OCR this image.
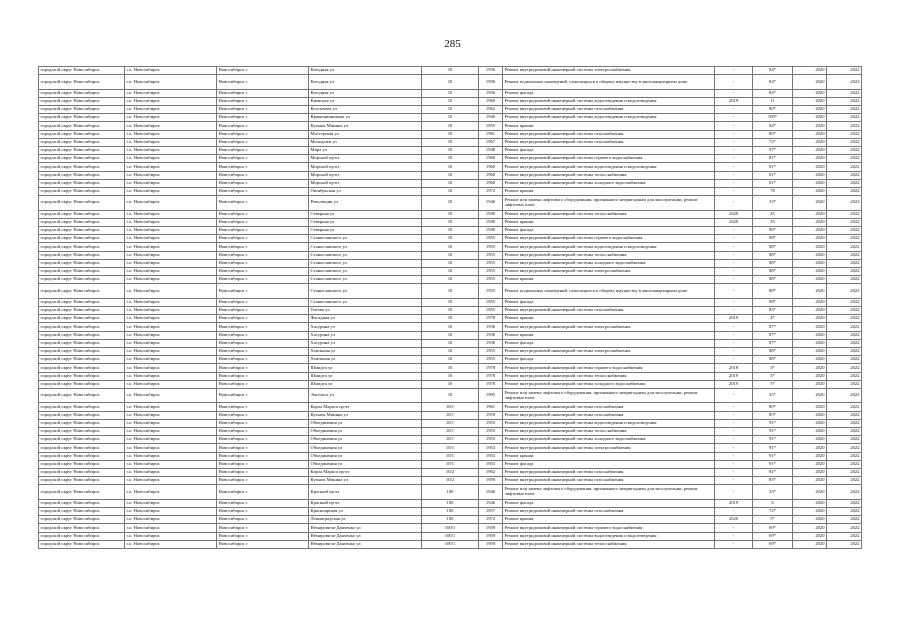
285
городской округ Новосибирск	г.о. Новосибирск	Новосибирск г	Катодная ул	10	1956	Ремонт внутридомовой инженерной системы электроснабжения	-	84*	2020	2022
городской округ Новосибирск	г.о. Новосибирск	Новосибирск г	Катодная ул	10	1956	Ремонт подвальных помещений, относящихся к общему имуществу в многоквартирном доме	-	84*	2020	2022
городской округ Новосибирск	г.о. Новосибирск	Новосибирск г	Катодная ул	10	1956	Ремонт фасада	-	84*	2020	2022
городской округ Новосибирск	г.о. Новосибирск	Новосибирск г	Киевская ул	10	1960	Ремонт внутридомовой инженерной системы водоотведения и водоотведения	2019	11	2020	2022
городской округ Новосибирск	г.о. Новосибирск	Новосибирск г	Костычева ул	10	1962	Ремонт внутридомовой инженерной системы газоснабжения	-	80*	2020	2022
городской округ Новосибирск	г.о. Новосибирск	Новосибирск г	Крашенинникова ул	10	1940	Ремонт внутридомовой инженерной системы водоотведения и водоотведения	-	100*	2020	2022
городской округ Новосибирск	г.о. Новосибирск	Новосибирск г	Кузьмы Минина ул	10	1955	Ремонт крыши	-	84*	2020	2022
городской округ Новосибирск	г.о. Новосибирск	Новосибирск г	Мастерская ул	10	1961	Ремонт внутридомовой инженерной системы газоснабжения	-	80*	2020	2022
городской округ Новосибирск	г.о. Новосибирск	Новосибирск г	Молодежи ул	10	1967	Ремонт внутридомовой инженерной системы газоснабжения	-	72*	2020	2022
городской округ Новосибирск	г.о. Новосибирск	Новосибирск г	Мира ул	10	1948	Ремонт фасада	-	97*	2020	2022
городской округ Новосибирск	г.о. Новосибирск	Новосибирск г	Морской пр-кт	10	1960	Ремонт внутридомовой инженерной системы горячего водоснабжения	-	81*	2020	2022
городской округ Новосибирск	г.о. Новосибирск	Новосибирск г	Морской пр-кт	10	1960	Ремонт внутридомовой инженерной системы водоотведения и водоотведения	-	81*	2020	2022
городской округ Новосибирск	г.о. Новосибирск	Новосибирск г	Морской пр-кт	10	1960	Ремонт внутридомовой инженерной системы теплоснабжения	-	81*	2020	2022
городской округ Новосибирск	г.о. Новосибирск	Новосибирск г	Морской пр-кт	10	1960	Ремонт внутридомовой инженерной системы холодного водоснабжения	-	81*	2020	2022
городской округ Новосибирск	г.о. Новосибирск	Новосибирск г	Октябрьская ул	10	1972	Ремонт крыши	-	78	2020	2022
городской округ Новосибирск	г.о. Новосибирск	Новосибирск г	Революции ул	10	1946	Ремонт или замена лифтового оборудования, признанного непригодным для эксплуатации, ремонт лифтовых шахт	-	33*	2020	2022
городской округ Новосибирск	г.о. Новосибирск	Новосибирск г	Северная ул	10	1949	Ремонт внутридомовой инженерной системы теплоснабжения	2020	45	2020	2022
городской округ Новосибирск	г.о. Новосибирск	Новосибирск г	Северная ул	10	1949	Ремонт крыши	2020	35	2020	2022
городской округ Новосибирск	г.о. Новосибирск	Новосибирск г	Северная ул	10	1949	Ремонт фасада	-	96*	2020	2022
городской округ Новосибирск	г.о. Новосибирск	Новосибирск г	Станиславского ул	10	1955	Ремонт внутридомовой инженерной системы горячего водоснабжения	-	88*	2020	2022
городской округ Новосибирск	г.о. Новосибирск	Новосибирск г	Станиславского ул	10	1955	Ремонт внутридомовой инженерной системы водоотведения и водоотведения	-	88*	2020	2022
городской округ Новосибирск	г.о. Новосибирск	Новосибирск г	Станиславского ул	10	1955	Ремонт внутридомовой инженерной системы теплоснабжения	-	88*	2020	2022
городской округ Новосибирск	г.о. Новосибирск	Новосибирск г	Станиславского ул	10	1955	Ремонт внутридомовой инженерной системы холодного водоснабжения	-	88*	2020	2022
городской округ Новосибирск	г.о. Новосибирск	Новосибирск г	Станиславского ул	10	1955	Ремонт внутридомовой инженерной системы электроснабжения	-	88*	2020	2022
городской округ Новосибирск	г.о. Новосибирск	Новосибирск г	Станиславского ул	10	1955	Ремонт крыши	-	88*	2020	2022
городской округ Новосибирск	г.о. Новосибирск	Новосибирск г	Станиславского ул	10	1955	Ремонт подвальных помещений, относящихся к общему имуществу в многоквартирном доме	-	88*	2020	2022
городской округ Новосибирск	г.о. Новосибирск	Новосибирск г	Станиславского ул	10	1955	Ремонт фасада	-	88*	2020	2022
городской округ Новосибирск	г.о. Новосибирск	Новосибирск г	Титова ул	10	1955	Ремонт внутридомовой инженерной системы газоснабжения	-	83*	2020	2022
городской округ Новосибирск	г.о. Новосибирск	Новосибирск г	Фасадная ул	10	1978	Ремонт крыши	2019	4*	2020	2022
городской округ Новосибирск	г.о. Новосибирск	Новосибирск г	Хасурина ул	10	1936	Ремонт внутридомовой инженерной системы электроснабжения	-	87*	2020	2022
городской округ Новосибирск	г.о. Новосибирск	Новосибирск г	Хасурина ул	10	1936	Ремонт крыши	-	87*	2020	2022
городской округ Новосибирск	г.о. Новосибирск	Новосибирск г	Хасурина ул	10	1936	Ремонт фасада	-	87*	2020	2022
городской округ Новосибирск	г.о. Новосибирск	Новосибирск г	Хмельная ул	10	1955	Ремонт внутридомовой инженерной системы электроснабжения	-	88*	2020	2022
городской округ Новосибирск	г.о. Новосибирск	Новосибирск г	Хмельная ул	10	1955	Ремонт фасада	-	88*	2020	2022
городской округ Новосибирск	г.о. Новосибирск	Новосибирск г	Шмидта ул	10	1978	Ремонт внутридомовой инженерной системы горячего водоснабжения	2018	3*	2020	2022
городской округ Новосибирск	г.о. Новосибирск	Новосибирск г	Шмидта ул	10	1978	Ремонт внутридомовой инженерной системы теплоснабжения	2019	3*	2020	2022
городской округ Новосибирск	г.о. Новосибирск	Новосибирск г	Шмидта ул	10	1978	Ремонт внутридомовой инженерной системы холодного водоснабжения	2019	3*	2020	2022
городской округ Новосибирск	г.о. Новосибирск	Новосибирск г	Энгельса ул	10	1995	Ремонт или замена лифтового оборудования, признанного непригодным для эксплуатации, ремонт лифтовых шахт	-	35*	2020	2022
городской округ Новосибирск	г.о. Новосибирск	Новосибирск г	Карла Маркса пр-кт	10/1	1961	Ремонт внутридомовой инженерной системы газоснабжения	-	80*	2020	2022
городской округ Новосибирск	г.о. Новосибирск	Новосибирск г	Кузьмы Минина ул	10/1	1959	Ремонт внутридомовой инженерной системы газоснабжения	-	85*	2020	2022
городской округ Новосибирск	г.о. Новосибирск	Новосибирск г	Объединения ул	10/1	1953	Ремонт внутридомовой инженерной системы водоотведения и водоотведения	-	91*	2020	2022
городской округ Новосибирск	г.о. Новосибирск	Новосибирск г	Объединения ул	10/1	1953	Ремонт внутридомовой инженерной системы теплоснабжения	-	91*	2020	2022
городской округ Новосибирск	г.о. Новосибирск	Новосибирск г	Объединения ул	10/1	1953	Ремонт внутридомовой инженерной системы холодного водоснабжения	-	91*	2020	2022
городской округ Новосибирск	г.о. Новосибирск	Новосибирск г	Объединения ул	10/1	1953	Ремонт внутридомовой инженерной системы электроснабжения	-	91*	2020	2022
городской округ Новосибирск	г.о. Новосибирск	Новосибирск г	Объединения ул	10/1	1953	Ремонт крыши	-	91*	2020	2022
городской округ Новосибирск	г.о. Новосибирск	Новосибирск г	Объединения ул	10/1	1953	Ремонт фасада	-	91*	2020	2022
городской округ Новосибирск	г.о. Новосибирск	Новосибирск г	Карла Маркса пр-кт	10/2	1962	Ремонт внутридомовой инженерной системы газоснабжения	-	81*	2020	2022
городской округ Новосибирск	г.о. Новосибирск	Новосибирск г	Кузьмы Минина ул	10/2	1959	Ремонт внутридомовой инженерной системы газоснабжения	-	85*	2020	2022
городской округ Новосибирск	г.о. Новосибирск	Новосибирск г	Красный пр-кт	100	1946	Ремонт или замена лифтового оборудования, признанного непригодным для эксплуатации, ремонт лифтовых шахт	-	33*	2020	2022
городской округ Новосибирск	г.о. Новосибирск	Новосибирск г	Красный пр-кт	100	1946	Ремонт фасада	2019	6	2020	2022
городской округ Новосибирск	г.о. Новосибирск	Новосибирск г	Красноярская ул	100	1957	Ремонт внутридомовой инженерной системы газоснабжения	-	72*	2020	2022
городской округ Новосибирск	г.о. Новосибирск	Новосибирск г	Ленинградская ул	100	1972	Ремонт крыши	2020	5*	2020	2022
городской округ Новосибирск	г.о. Новосибирск	Новосибирск г	Немировича-Данченко ул	100/1	1959	Ремонт внутридомовой инженерной системы горячего водоснабжения	-	69*	2020	2022
городской округ Новосибирск	г.о. Новосибирск	Новосибирск г	Немировича-Данченко ул	100/1	1959	Ремонт внутридомовой инженерной системы водоотведения и водоотведения	-	69*	2020	2022
городской округ Новосибирск	г.о. Новосибирск	Новосибирск г	Немировича-Данченко ул	100/1	1959	Ремонт внутридомовой инженерной системы теплоснабжения	-	69*	2020	2022
